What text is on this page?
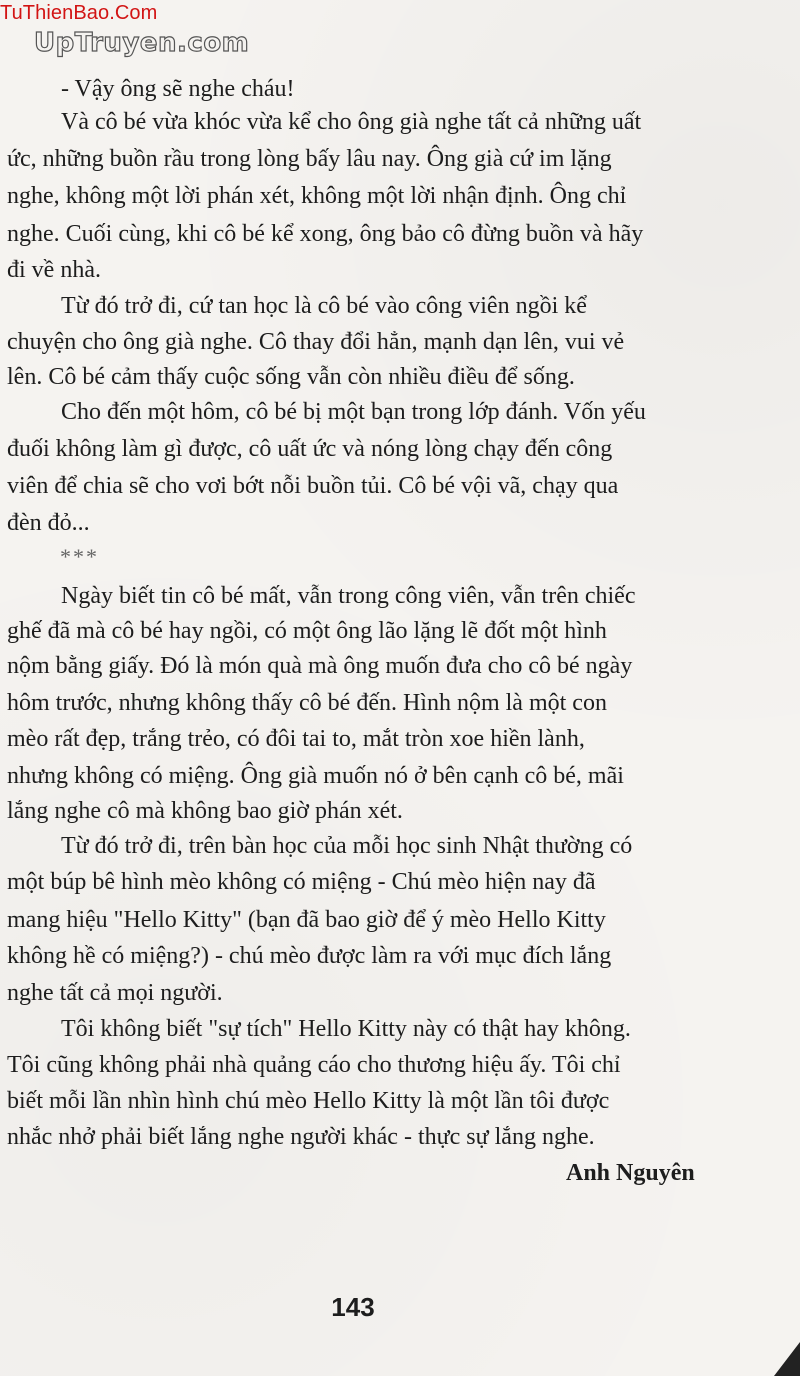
TuThienBao.Com
UpTruyen.com
- Vậy ông sẽ nghe cháu!
Và cô bé vừa khóc vừa kể cho ông già nghe tất cả những uất
ức, những buồn rầu trong lòng bấy lâu nay. Ông già cứ im lặng
nghe, không một lời phán xét, không một lời nhận định. Ông chỉ
nghe. Cuối cùng, khi cô bé kể xong, ông bảo cô đừng buồn và hãy
đi về nhà.
Từ đó trở đi, cứ tan học là cô bé vào công viên ngồi kể
chuyện cho ông già nghe. Cô thay đổi hẳn, mạnh dạn lên, vui vẻ
lên. Cô bé cảm thấy cuộc sống vẫn còn nhiều điều để sống.
Cho đến một hôm, cô bé bị một bạn trong lớp đánh. Vốn yếu
đuối không làm gì được, cô uất ức và nóng lòng chạy đến công
viên để chia sẽ cho vơi bớt nỗi buồn tủi. Cô bé vội vã, chạy qua
đèn đỏ...
***
Ngày biết tin cô bé mất, vẫn trong công viên, vẫn trên chiếc
ghế đã mà cô bé hay ngồi, có một ông lão lặng lẽ đốt một hình
nộm bằng giấy. Đó là món quà mà ông muốn đưa cho cô bé ngày
hôm trước, nhưng không thấy cô bé đến. Hình nộm là một con
mèo rất đẹp, trắng trẻo, có đôi tai to, mắt tròn xoe hiền lành,
nhưng không có miệng. Ông già muốn nó ở bên cạnh cô bé, mãi
lắng nghe cô mà không bao giờ phán xét.
Từ đó trở đi, trên bàn học của mỗi học sinh Nhật thường có
một búp bê hình mèo không có miệng - Chú mèo hiện nay đã
mang hiệu "Hello Kitty" (bạn đã bao giờ để ý mèo Hello Kitty
không hề có miệng?) - chú mèo được làm ra với mục đích lắng
nghe tất cả mọi người.
Tôi không biết "sự tích" Hello Kitty này có thật hay không.
Tôi cũng không phải nhà quảng cáo cho thương hiệu ấy. Tôi chỉ
biết mỗi lần nhìn hình chú mèo Hello Kitty là một lần tôi được
nhắc nhở phải biết lắng nghe người khác - thực sự lắng nghe.
Anh Nguyên
143
